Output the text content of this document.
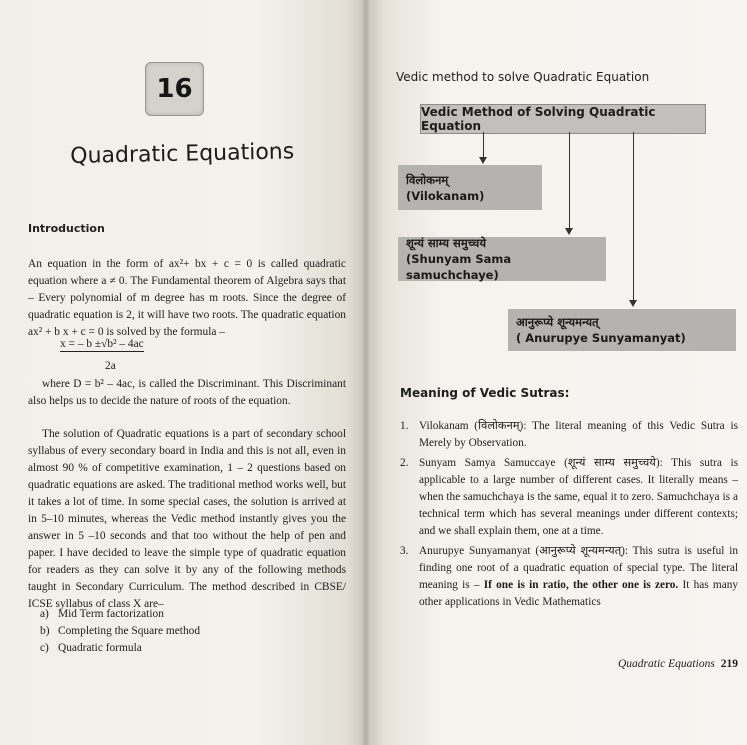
16
Quadratic Equations
Introduction
An equation in the form of ax²+ bx + c = 0 is called quadratic equation where a ≠ 0. The Fundamental theorem of Algebra says that – Every polynomial of m degree has m roots. Since the degree of quadratic equation is 2, it will have two roots. The quadratic equation ax² + b x + c = 0 is solved by the formula –
x = – b ±√b² – 4ac
2a
where D = b² – 4ac, is called the Discriminant. This Discriminant also helps us to decide the nature of roots of the equation.
The solution of Quadratic equations is a part of secondary school syllabus of every secondary board in India and this is not all, even in almost 90 % of competitive examination, 1 – 2 questions based on quadratic equations are asked. The traditional method works well, but it takes a lot of time. In some special cases, the solution is arrived at in 5–10 minutes, whereas the Vedic method instantly gives you the answer in 5 –10 seconds and that too without the help of pen and paper. I have decided to leave the simple type of quadratic equation for readers as they can solve it by any of the following methods taught in Secondary Curriculum. The method described in CBSE/ ICSE syllabus of class X are–
a) Mid Term factorization
b) Completing the Square method
c) Quadratic formula
Vedic method to solve Quadratic Equation
Vedic Method of Solving Quadratic Equation
विलोकनम्
(Vilokanam)
शून्यं साम्य समुच्चये
(Shunyam Sama samuchchaye)
आनुरूप्ये शून्यमन्यत्
( Anurupye Sunyamanyat)
Meaning of Vedic Sutras:
1. Vilokanam (विलोकनम्): The literal meaning of this Vedic Sutra is Merely by Observation.
2. Sunyam Samya Samuccaye (शून्यं साम्य समुच्चये): This sutra is applicable to a large number of different cases. It literally means –when the samuchchaya is the same, equal it to zero. Samuchchaya is a technical term which has several meanings under different contexts; and we shall explain them, one at a time.
3. Anurupye Sunyamanyat (आनुरूप्ये शून्यमन्यत्): This sutra is useful in finding one root of a quadratic equation of special type. The literal meaning is – If one is in ratio, the other one is zero. It has many other applications in Vedic Mathematics
Quadratic Equations 219
